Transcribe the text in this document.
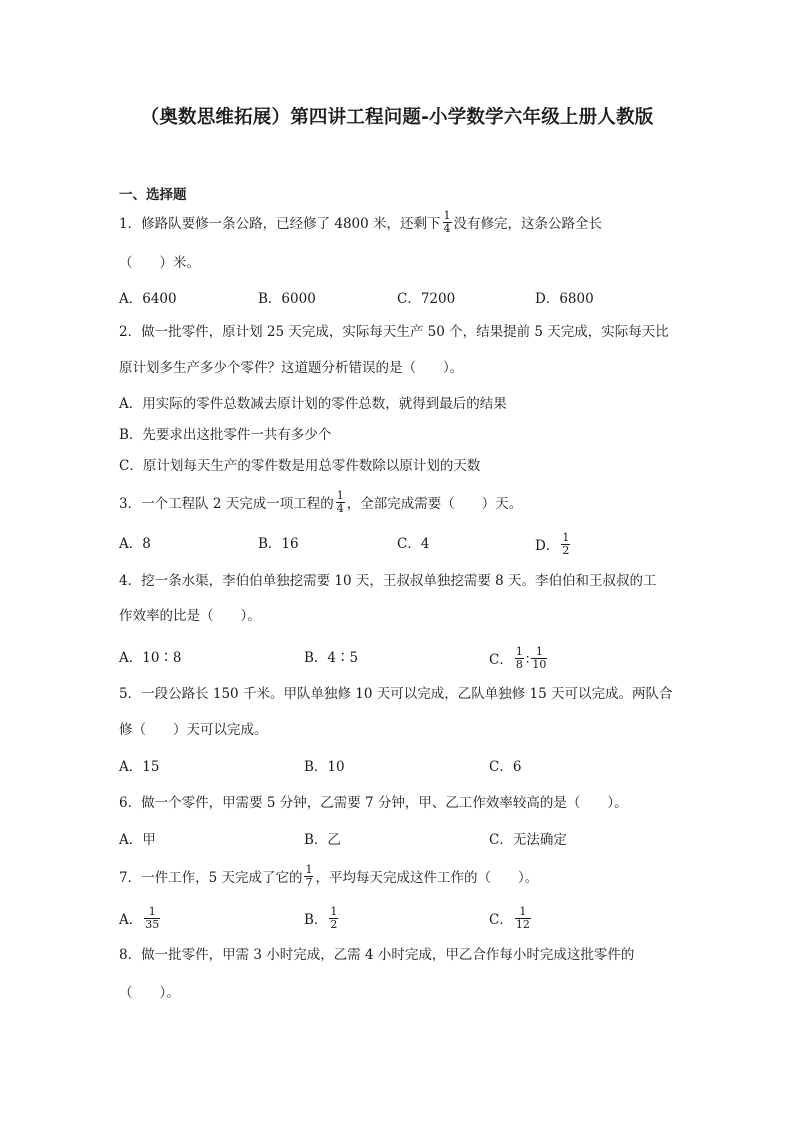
（奥数思维拓展）第四讲工程问题-小学数学六年级上册人教版
一、选择题
1．修路队要修一条公路，已经修了 4800 米，还剩下 $\frac{1}{4}$ 没有修完，这条公路全长
（　　）米。
A．6400	B．6000	C．7200	D．6800
2．做一批零件，原计划 25 天完成，实际每天生产 50 个，结果提前 5 天完成，实际每天比
原计划多生产多少个零件？这道题分析错误的是（　　）。
A．用实际的零件总数减去原计划的零件总数，就得到最后的结果
B．先要求出这批零件一共有多少个
C．原计划每天生产的零件数是用总零件数除以原计划的天数
3．一个工程队 2 天完成一项工程的 $\frac{1}{4}$ ，全部完成需要（　　）天。
A．8	B．16	C．4	D． $\frac{1}{2}$
4．挖一条水渠，李伯伯单独挖需要 10 天，王叔叔单独挖需要 8 天。李伯伯和王叔叔的工
作效率的比是（　　）。
A．10∶8	B．4∶5	C． $\frac{1}{8}$ ∶ $\frac{1}{10}$
5．一段公路长 150 千米。甲队单独修 10 天可以完成，乙队单独修 15 天可以完成。两队合
修（　　）天可以完成。
A．15	B．10	C．6
6．做一个零件，甲需要 5 分钟，乙需要 7 分钟，甲、乙工作效率较高的是（　　）。
A．甲	B．乙	C．无法确定
7．一件工作，5 天完成了它的 $\frac{1}{7}$ ，平均每天完成这件工作的（　　）。
A． $\frac{1}{35}$	B． $\frac{1}{2}$	C． $\frac{1}{12}$
8．做一批零件，甲需 3 小时完成，乙需 4 小时完成，甲乙合作每小时完成这批零件的
（　　）。
